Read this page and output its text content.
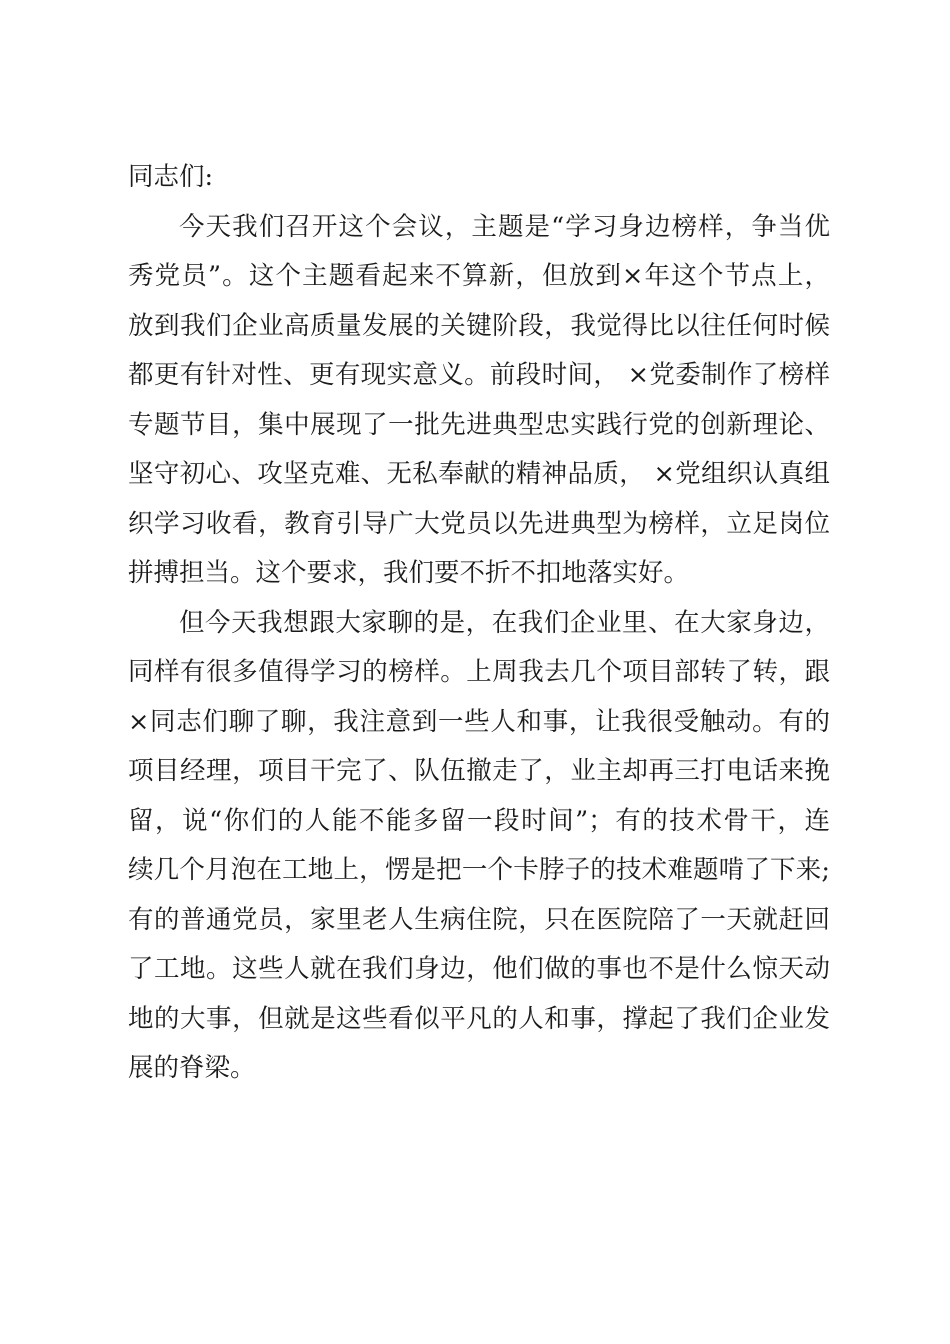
同志们:
今天我们召开这个会议，主题是“学习身边榜样，争当优
秀党员”。这个主题看起来不算新，但放到×年这个节点上，
放到我们企业高质量发展的关键阶段，我觉得比以往任何时候
都更有针对性、更有现实意义。前段时间， ×党委制作了榜样
专题节目，集中展现了一批先进典型忠实践行党的创新理论、
坚守初心、攻坚克难、无私奉献的精神品质， ×党组织认真组
织学习收看，教育引导广大党员以先进典型为榜样，立足岗位
拼搏担当。这个要求，我们要不折不扣地落实好。
但今天我想跟大家聊的是，在我们企业里、在大家身边，
同样有很多值得学习的榜样。上周我去几个项目部转了转，跟
×同志们聊了聊，我注意到一些人和事，让我很受触动。有的
项目经理，项目干完了、队伍撤走了，业主却再三打电话来挽
留，说“你们的人能不能多留一段时间”；有的技术骨干，连
续几个月泡在工地上，愣是把一个卡脖子的技术难题啃了下来;
有的普通党员，家里老人生病住院，只在医院陪了一天就赶回
了工地。这些人就在我们身边，他们做的事也不是什么惊天动
地的大事，但就是这些看似平凡的人和事，撑起了我们企业发
展的脊梁。
